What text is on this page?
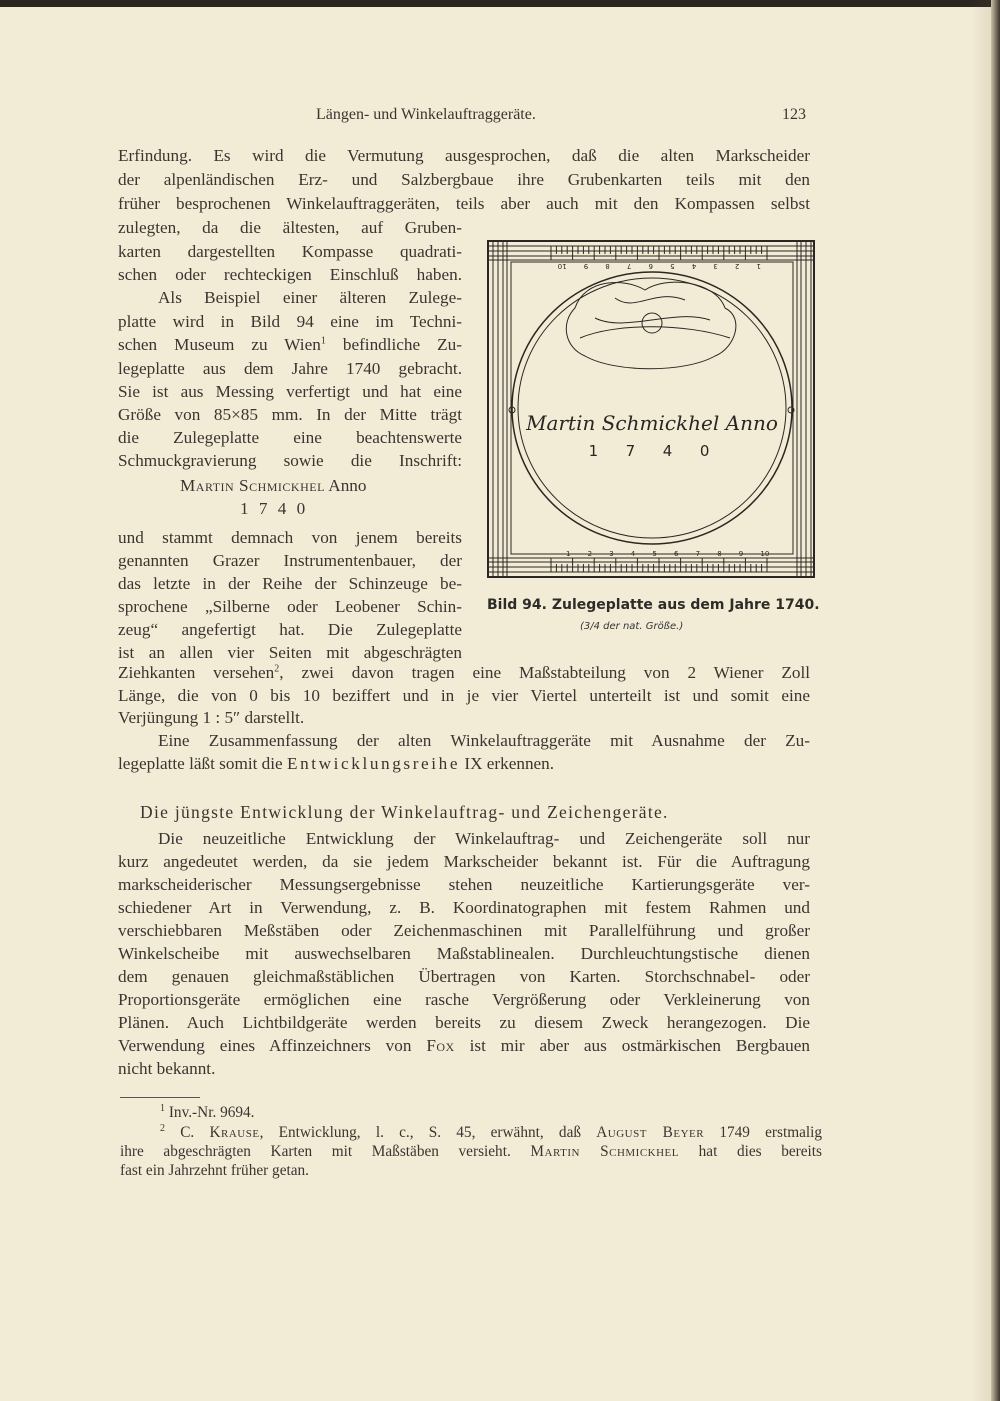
Längen- und Winkelauftraggeräte.	123
Erfindung. Es wird die Vermutung ausgesprochen, daß die alten Markscheider
der alpenländischen Erz- und Salzbergbaue ihre Grubenkarten teils mit den
früher besprochenen Winkelauftraggeräten, teils aber auch mit den Kompassen selbst
zulegten, da die ältesten, auf Gruben-
karten dargestellten Kompasse quadrati-
schen oder rechteckigen Einschluß haben.
Als Beispiel einer älteren Zulege-
platte wird in Bild 94 eine im Techni-
schen Museum zu Wien$^1$ befindliche Zu-
legeplatte aus dem Jahre 1740 gebracht.
Sie ist aus Messing verfertigt und hat eine
Größe von 85×85 mm. In der Mitte trägt
die Zulegeplatte eine beachtenswerte
Schmuckgravierung sowie die Inschrift:
Martin Schmickhel Anno
1 7 4 0
und stammt demnach von jenem bereits
genannten Grazer Instrumentenbauer, der
das letzte in der Reihe der Schinzeuge be-
sprochene „Silberne oder Leobener Schin-
zeug“ angefertigt hat. Die Zulegeplatte
ist an allen vier Seiten mit abgeschrägten
Ziehkanten versehen$^2$, zwei davon tragen eine Maßstabteilung von 2 Wiener Zoll
Länge, die von 0 bis 10 beziffert und in je vier Viertel unterteilt ist und somit eine
Verjüngung 1 : 5″ darstellt.
Eine Zusammenfassung der alten Winkelauftraggeräte mit Ausnahme der Zu-
legeplatte läßt somit die Entwicklungsreihe IX erkennen.
Die jüngste Entwicklung der Winkelauftrag- und Zeichengeräte.
Die neuzeitliche Entwicklung der Winkelauftrag- und Zeichengeräte soll nur
kurz angedeutet werden, da sie jedem Markscheider bekannt ist. Für die Auftragung
markscheiderischer Messungsergebnisse stehen neuzeitliche Kartierungsgeräte ver-
schiedener Art in Verwendung, z. B. Koordinatographen mit festem Rahmen und
verschiebbaren Meßstäben oder Zeichenmaschinen mit Parallelführung und großer
Winkelscheibe mit auswechselbaren Maßstablinealen. Durchleuchtungstische dienen
dem genauen gleichmaßstäblichen Übertragen von Karten. Storchschnabel- oder
Proportionsgeräte ermöglichen eine rasche Vergrößerung oder Verkleinerung von
Plänen. Auch Lichtbildgeräte werden bereits zu diesem Zweck herangezogen. Die
Verwendung eines Affinzeichners von Fox ist mir aber aus ostmärkischen Bergbauen
nicht bekannt.
$^1$ Inv.-Nr. 9694.
$^2$ C. Krause, Entwicklung, l. c., S. 45, erwähnt, daß August Beyer 1749 erstmalig
ihre abgeschrägten Karten mit Maßstäben versieht. Martin Schmickhel hat dies bereits
fast ein Jahrzehnt früher getan.
1
1
2
2
3
3
4
4
5
5
6
6
7
7
8
8
9
9
10
10
Martin Schmickhel Anno
1  7  4  0
Bild 94. Zulegeplatte aus dem Jahre 1740.
(3/4 der nat. Größe.)
